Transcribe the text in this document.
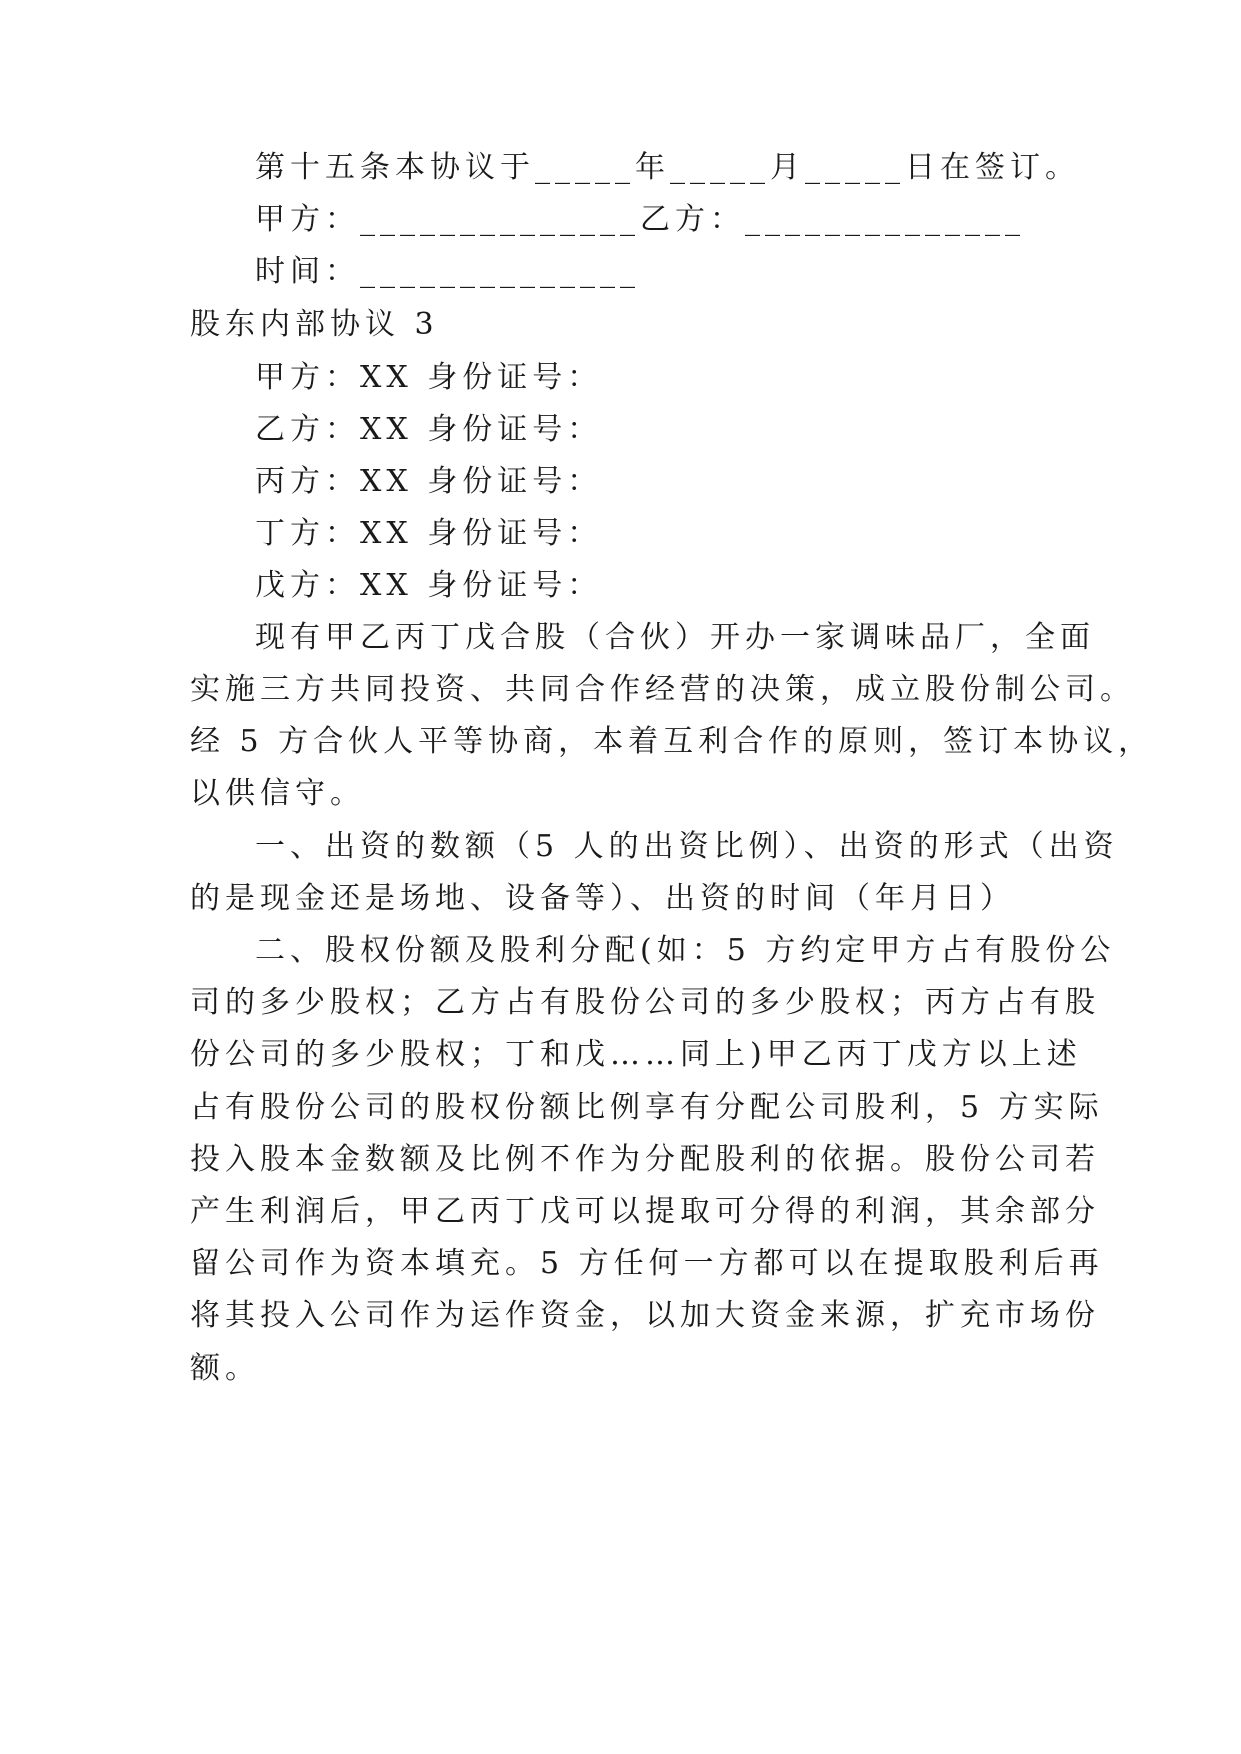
第十五条本协议于_____年_____月_____日在签订。
甲方：______________乙方：______________
时间：______________
股东内部协议 3
甲方：XX 身份证号：
乙方：XX 身份证号：
丙方：XX 身份证号：
丁方：XX 身份证号：
戊方：XX 身份证号：
现有甲乙丙丁戊合股（合伙）开办一家调味品厂，全面
实施三方共同投资、共同合作经营的决策，成立股份制公司。
经 5 方合伙人平等协商，本着互利合作的原则，签订本协议，
以供信守。
一、出资的数额（5 人的出资比例）、出资的形式（出资
的是现金还是场地、设备等）、出资的时间（年月日）
二、股权份额及股利分配(如：5 方约定甲方占有股份公
司的多少股权；乙方占有股份公司的多少股权；丙方占有股
份公司的多少股权；丁和戊……同上)甲乙丙丁戊方以上述
占有股份公司的股权份额比例享有分配公司股利，5 方实际
投入股本金数额及比例不作为分配股利的依据。股份公司若
产生利润后，甲乙丙丁戊可以提取可分得的利润，其余部分
留公司作为资本填充。5 方任何一方都可以在提取股利后再
将其投入公司作为运作资金，以加大资金来源，扩充市场份
额。
